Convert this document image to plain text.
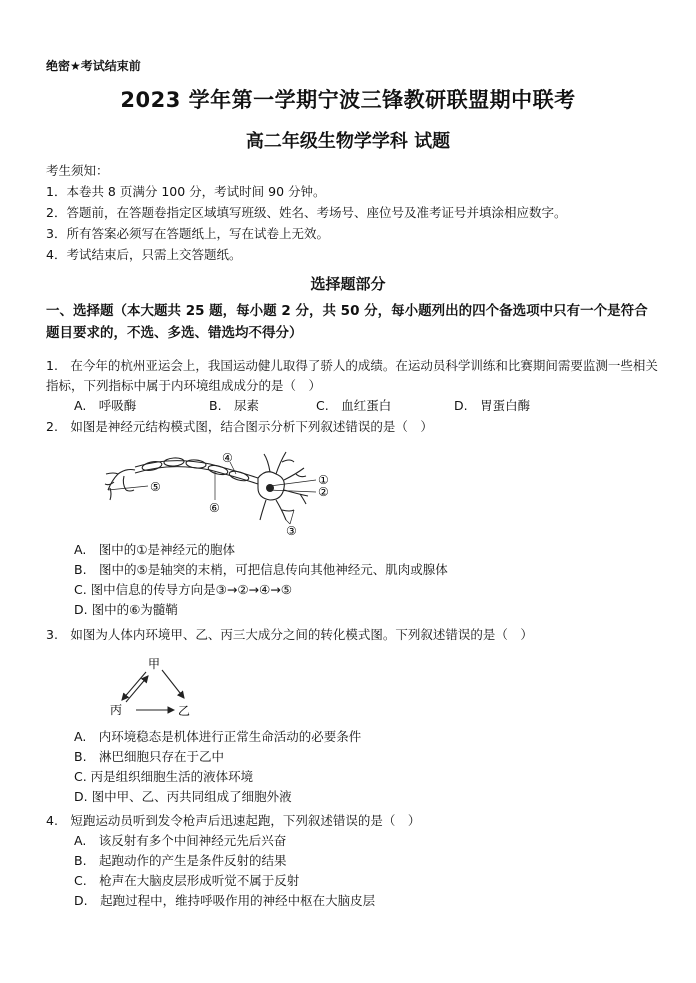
绝密★考试结束前
2023 学年第一学期宁波三锋教研联盟期中联考
高二年级生物学学科 试题
考生须知：
1．本卷共 8 页满分 100 分，考试时间 90 分钟。
2．答题前，在答题卷指定区域填写班级、姓名、考场号、座位号及准考证号并填涂相应数字。
3．所有答案必须写在答题纸上，写在试卷上无效。
4．考试结束后，只需上交答题纸。
选择题部分
一、选择题（本大题共 25 题，每小题 2 分，共 50 分，每小题列出的四个备选项中只有一个是符合题目要求的，不选、多选、错选均不得分）
1.　在今年的杭州亚运会上，我国运动健儿取得了骄人的成绩。在运动员科学训练和比赛期间需要监测一些相关指标，下列指标中属于内环境组成成分的是（　）
A.　呼吸酶	B.　尿素	C.　血红蛋白	D.　胃蛋白酶
2.　如图是神经元结构模式图，结合图示分析下列叙述错误的是（　）
①
②
③
④
⑤
⑥
A.　图中的①是神经元的胞体
B.　图中的⑤是轴突的末梢，可把信息传向其他神经元、肌肉或腺体
C. 图中信息的传导方向是③→②→④→⑤
D. 图中的⑥为髓鞘
3.　如图为人体内环境甲、乙、丙三大成分之间的转化模式图。下列叙述错误的是（　）
甲
丙	乙
A.　内环境稳态是机体进行正常生命活动的必要条件
B.　淋巴细胞只存在于乙中
C. 丙是组织细胞生活的液体环境
D. 图中甲、乙、丙共同组成了细胞外液
4.　短跑运动员听到发令枪声后迅速起跑，下列叙述错误的是（　）
A.　该反射有多个中间神经元先后兴奋
B.　起跑动作的产生是条件反射的结果
C.　枪声在大脑皮层形成听觉不属于反射
D.　起跑过程中，维持呼吸作用的神经中枢在大脑皮层
